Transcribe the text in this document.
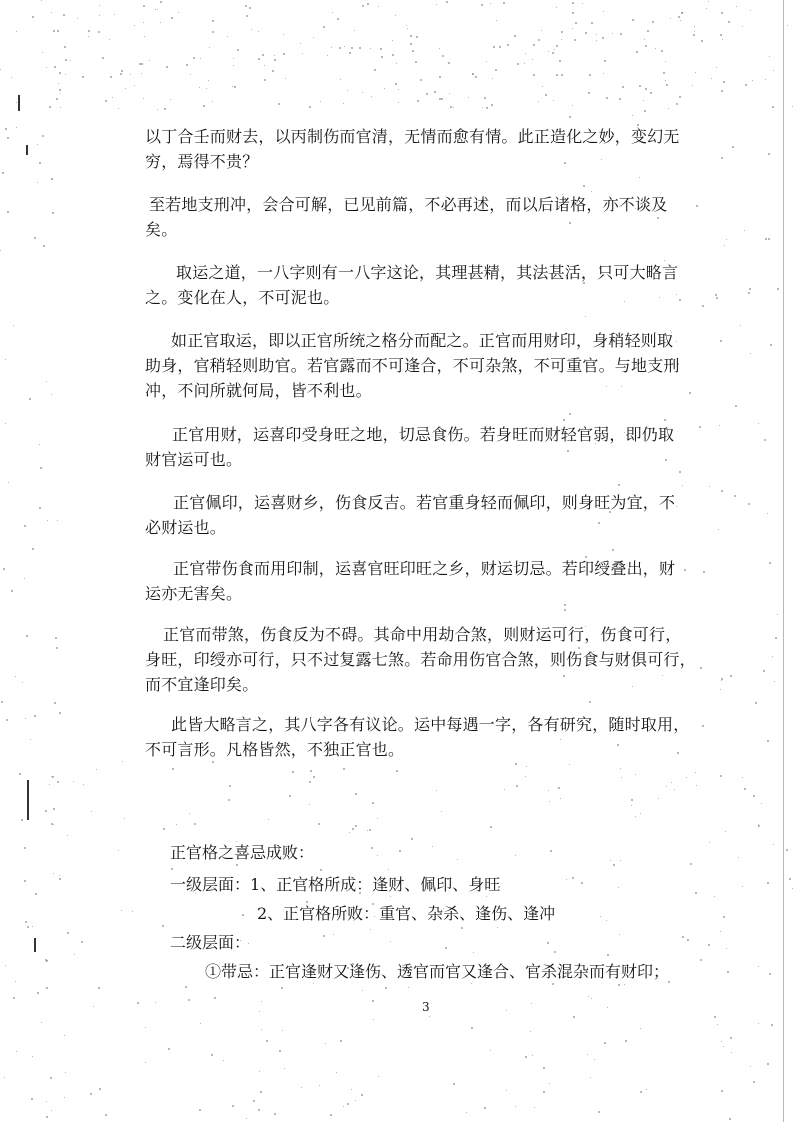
以丁合壬而财去，以丙制伤而官清，无情而愈有情。此正造化之妙，变幻无
穷，焉得不贵？
至若地支刑冲，会合可解，已见前篇，不必再述，而以后诸格，亦不谈及
矣。
取运之道，一八字则有一八字这论，其理甚精，其法甚活，只可大略言
之。变化在人，不可泥也。
如正官取运，即以正官所统之格分而配之。正官而用财印，身稍轻则取
助身，官稍轻则助官。若官露而不可逢合，不可杂煞，不可重官。与地支刑
冲，不问所就何局，皆不利也。
正官用财，运喜印受身旺之地，切忌食伤。若身旺而财轻官弱，即仍取
财官运可也。
正官佩印，运喜财乡，伤食反吉。若官重身轻而佩印，则身旺为宜，不
必财运也。
正官带伤食而用印制，运喜官旺印旺之乡，财运切忌。若印绶叠出，财
运亦无害矣。
正官而带煞，伤食反为不碍。其命中用劫合煞，则财运可行，伤食可行，
身旺，印绶亦可行，只不过复露七煞。若命用伤官合煞，则伤食与财俱可行，
而不宜逢印矣。
此皆大略言之，其八字各有议论。运中每遇一字，各有研究，随时取用，
不可言形。凡格皆然，不独正官也。

正官格之喜忌成败：

一级层面：1、正官格所成：逢财、佩印、身旺

2、正官格所败：重官、杂杀、逢伤、逢冲

二级层面：

①带忌：正官逢财又逢伤、透官而官又逢合、官杀混杂而有财印；

3
